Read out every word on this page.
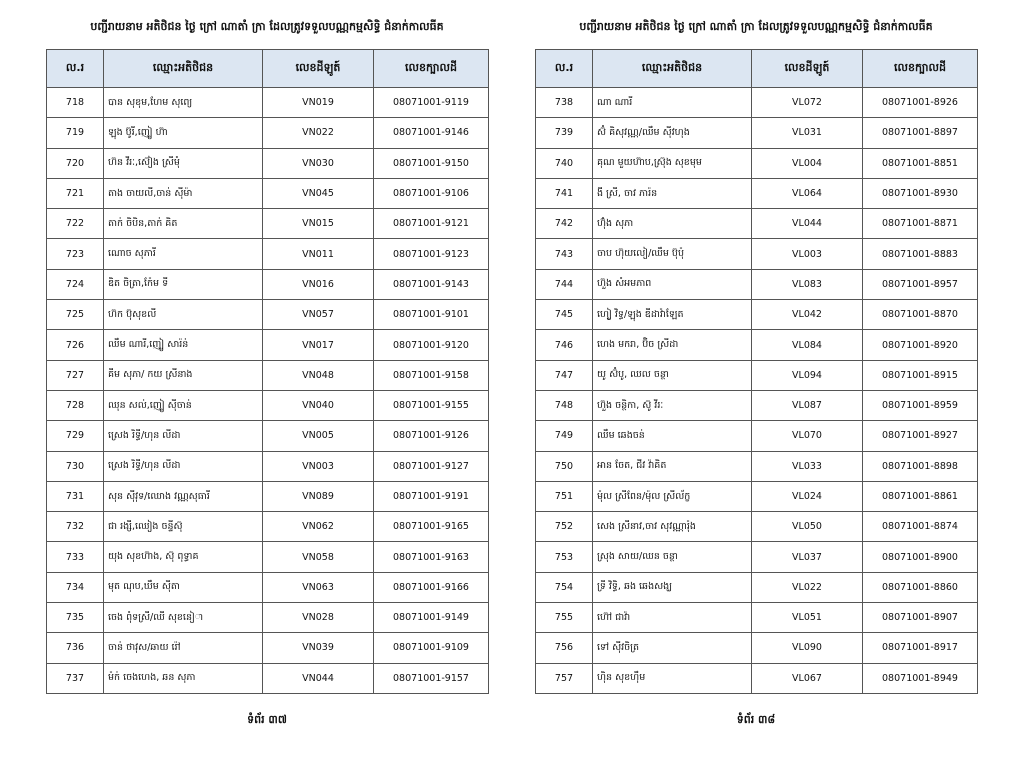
បញ្ជីរាយនាម អតិថិជន ថ្ងៃ ក្រៅ ណាតាំ ក្រា ដែលត្រូវទទួលបណ្ណកម្មសិទ្ធិ ជំនាក់កាលធីគ
ល.រ	ឈ្មោះអតិថិជន	លេខដីឡូត៍	លេខក្បាលដី
718	បាន សុខុម,ហែម សុព្យេ	VN019	08071001-9119
719	ឡុង ប៊ូរី,ញៀ្ង ហ៊ា	VN022	08071001-9146
720	ហ៊ន វីរៈ,ស៊ៀង ស្រីមុំ	VN030	08071001-9150
721	តាង ចាយលី,ចាន់ ស៊ីម៉ា	VN045	08071001-9106
722	តាក់ ចិបិន,តាក់ គិត	VN015	08071001-9121
723	ណោច សុភារី	VN011	08071001-9123
724	ឌិត ចិត្រា,ក៉ែម ទី	VN016	08071001-9143
725	ហ៊ក ប៊ុសុខលី	VN057	08071001-9101
726	ឈឹម ណារី,ញៀ្ង សារ៉ន់	VN017	08071001-9120
727	គីម សុភា/ កយ ស្រីនាង	VN048	08071001-9158
728	ឈុន សល់,ញៀ្ង ស៊ីចាន់	VN040	08071001-9155
729	ស្រេង រិទ្ធី/ហុន លីដា	VN005	08071001-9126
730	ស្រេង រិទ្ធី/ហុន លីដា	VN003	08071001-9127
731	សុន ស៊ីវុទ/ឈោង វណ្ណសុធារី	VN089	08071001-9191
732	ជា រង្សី,ឈៀង ចន្ទីស៊ុ	VN062	08071001-9165
733	យុង សុខហ៊ាង, ស៊ុ ពុទ្ធាគ	VN058	08071001-9163
734	មុត ណុប,ឃឹម ស៊ីតា	VN063	08071001-9166
735	ចេង ពុំទស្រី/ឈី សុខនៀា	VN028	08071001-9149
736	ចាន់ ថាវុស/ឆាយ រ៉ៅ	VN039	08071001-9109
737	ម៉ក់ ចេងហេង, ឆន សុភា	VN044	08071001-9157
ទំព័រ ៣៧
បញ្ជីរាយនាម អតិថិជន ថ្ងៃ ក្រៅ ណាតាំ ក្រា ដែលត្រូវទទួលបណ្ណកម្មសិទ្ធិ ជំនាក់កាលធីគ
ល.រ	ឈ្មោះអតិថិជន	លេខដីឡូត៍	លេខក្បាលដី
738	ណា ណារី	VL072	08071001-8926
739	ស៊ំ គិសុវណ្ណ/ឈឹម ស៊ីវហុង	VL031	08071001-8897
740	គុណ មួយហ៊ាប,ស្រ៊ុង សុខមុម	VL004	08071001-8851
741	ងី ស្រី, ចាវ ភារ៉ន	VL064	08071001-8930
742	ហ៊ុំង សុភា	VL044	08071001-8871
743	ចាប ហ៊ុយលៀ/ឈឹម ប៊ុប៉ុ	VL003	08071001-8883
744	ហ៊ួង សំអមភាព	VL083	08071001-8957
745	ហៀ្ង វិទ្ធ/ឡុង ឌីដាវ៉ាឡែត	VL042	08071001-8870
746	ហេង មករា, ប៊ិច ស្រីដា	VL084	08071001-8920
747	យូ ស៊ំបូ, ឈល ចន្ថា	VL094	08071001-8915
748	ហ៊ួង ចន្ថិកា, ស៊ូ វីរៈ	VL087	08071001-8959
749	ឈឹម ឆេងចន់	VL070	08071001-8927
750	អាន ចែត, ជីវ វ៉ាគិត	VL033	08071001-8898
751	ម៉ុល ស្រីពែន/ម៉ុល ស្រីល័ក្ខ	VL024	08071001-8861
752	សេង ស្រីនាវ,ចាវ សុវណ្ណារ៉ុង	VL050	08071001-8874
753	ស្រុង សាយ/ឈន ចន្ថា	VL037	08071001-8900
754	ទ្រី វិទ្ធិ, ឆង ឆេងសង្ឃ	VL022	08071001-8860
755	ហ៊ៅ ជាវ៉ា	VL051	08071001-8907
756	ទៅ ស៊ីវចិត្រ	VL090	08071001-8917
757	ហ៊ិន សុខហ៊ឹម	VL067	08071001-8949
ទំព័រ ៣៨
